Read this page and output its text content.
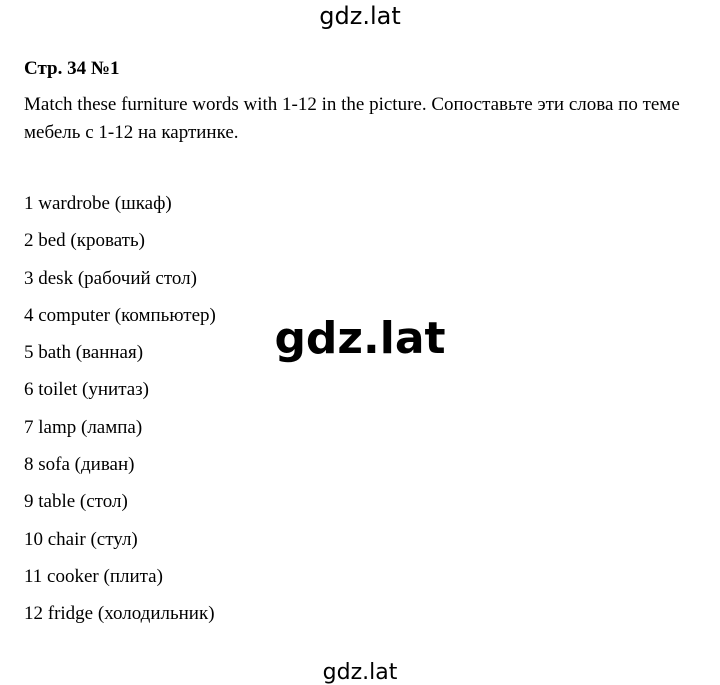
gdz.lat
Стр. 34 №1
Match these furniture words with 1-12 in the picture. Сопоставьте эти слова по теме мебель с 1-12 на картинке.
1 wardrobe (шкаф)
2 bed (кровать)
3 desk (рабочий стол)
4 computer (компьютер)
5 bath (ванная)
6 toilet (унитаз)
7 lamp (лампа)
8 sofa (диван)
9 table (стол)
10 chair (стул)
11 cooker (плита)
12 fridge (холодильник)
gdz.lat
gdz.lat
